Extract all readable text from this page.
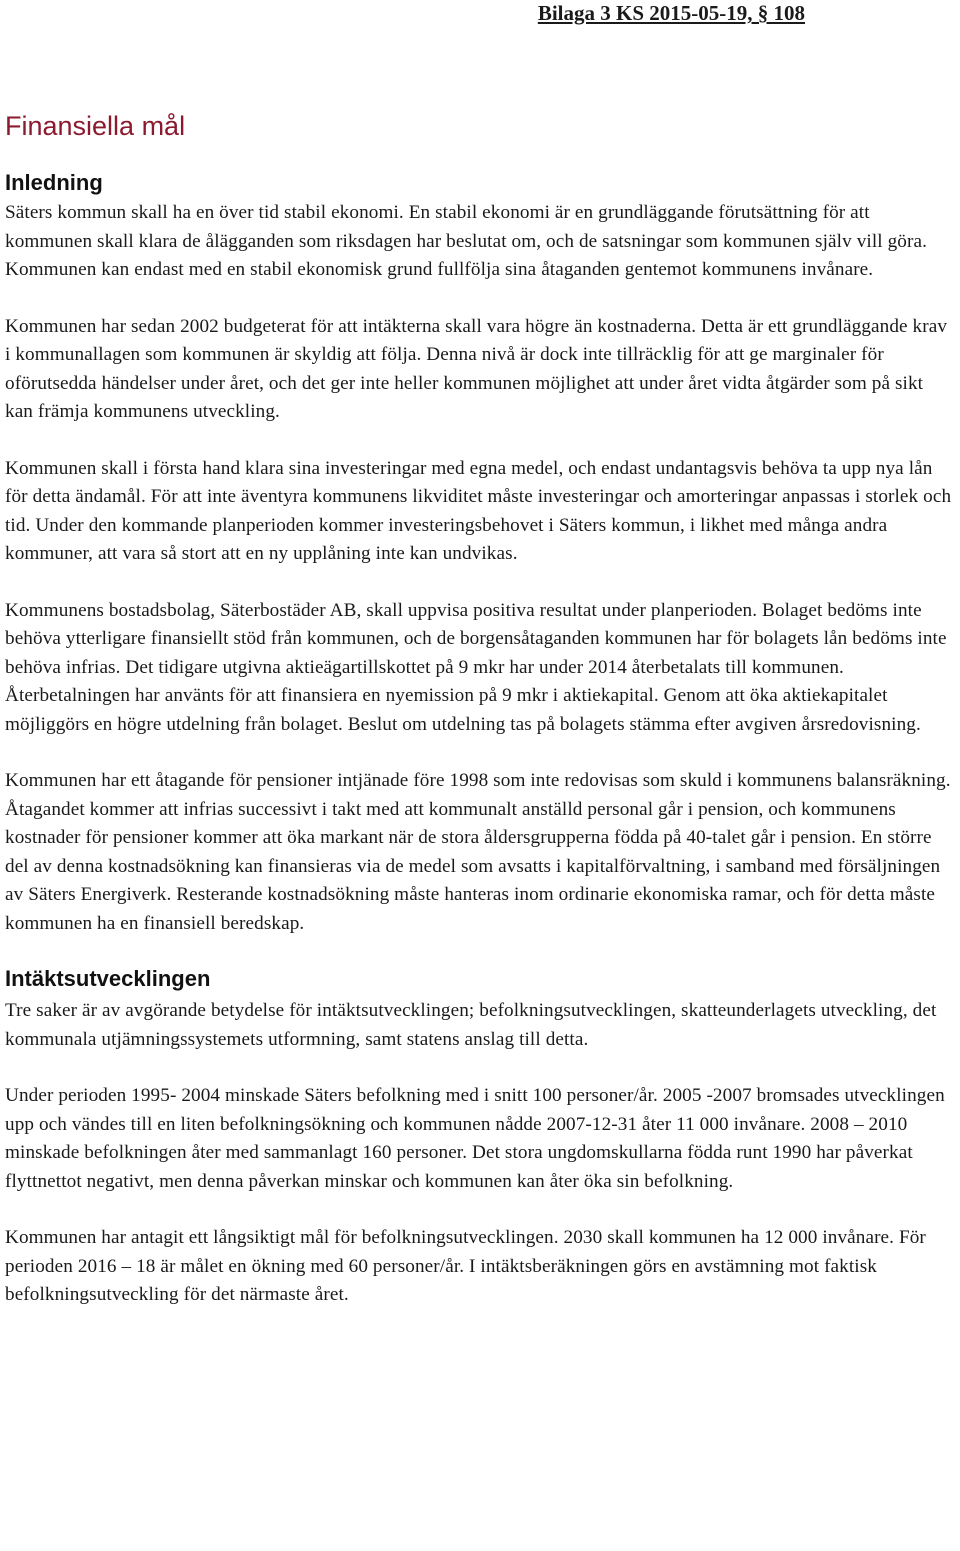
Bilaga 3 KS 2015-05-19, § 108
Finansiella mål
Inledning

Säters kommun skall ha en över tid stabil ekonomi. En stabil ekonomi är en grundläggande förutsättning för att kommunen skall klara de ålägganden som riksdagen har beslutat om, och de satsningar som kommunen själv vill göra. Kommunen kan endast med en stabil ekonomisk grund fullfölja sina åtaganden gentemot kommunens invånare.

Kommunen har sedan 2002 budgeterat för att intäkterna skall vara högre än kostnaderna. Detta är ett grundläggande krav i kommunallagen som kommunen är skyldig att följa. Denna nivå är dock inte tillräcklig för att ge marginaler för oförutsedda händelser under året, och det ger inte heller kommunen möjlighet att under året vidta åtgärder som på sikt kan främja kommunens utveckling.

Kommunen skall i första hand klara sina investeringar med egna medel, och endast undantagsvis behöva ta upp nya lån för detta ändamål. För att inte äventyra kommunens likviditet måste investeringar och amorteringar anpassas i storlek och tid. Under den kommande planperioden kommer investeringsbehovet i Säters kommun, i likhet med många andra kommuner, att vara så stort att en ny upplåning inte kan undvikas.

Kommunens bostadsbolag, Säterbostäder AB, skall uppvisa positiva resultat under planperioden. Bolaget bedöms inte behöva ytterligare finansiellt stöd från kommunen, och de borgensåtaganden kommunen har för bolagets lån bedöms inte behöva infrias. Det tidigare utgivna aktieägartillskottet på 9 mkr har under 2014 återbetalats till kommunen. Återbetalningen har använts för att finansiera en nyemission på 9 mkr i aktiekapital. Genom att öka aktiekapitalet möjliggörs en högre utdelning från bolaget. Beslut om utdelning tas på bolagets stämma efter avgiven årsredovisning.

Kommunen har ett åtagande för pensioner intjänade före 1998 som inte redovisas som skuld i kommunens balansräkning. Åtagandet kommer att infrias successivt i takt med att kommunalt anställd personal går i pension, och kommunens kostnader för pensioner kommer att öka markant när de stora åldersgrupperna födda på 40-talet går i pension. En större del av denna kostnadsökning kan finansieras via de medel som avsatts i kapitalförvaltning, i samband med försäljningen av Säters Energiverk. Resterande kostnadsökning måste hanteras inom ordinarie ekonomiska ramar, och för detta måste kommunen ha en finansiell beredskap.

Intäktsutvecklingen

Tre saker är av avgörande betydelse för intäktsutvecklingen; befolkningsutvecklingen, skatteunderlagets utveckling, det kommunala utjämningssystemets utformning, samt statens anslag till detta.

Under perioden 1995- 2004 minskade Säters befolkning med i snitt 100 personer/år. 2005 -2007 bromsades utvecklingen upp och vändes till en liten befolkningsökning och kommunen nådde 2007-12-31 åter 11 000 invånare. 2008 – 2010 minskade befolkningen åter med sammanlagt 160 personer. Det stora ungdomskullarna födda runt 1990 har påverkat flyttnettot negativt, men denna påverkan minskar och kommunen kan åter öka sin befolkning.

Kommunen har antagit ett långsiktigt mål för befolkningsutvecklingen. 2030 skall kommunen ha 12 000 invånare. För perioden 2016 – 18 är målet en ökning med 60 personer/år. I intäktsberäkningen görs en avstämning mot faktisk befolkningsutveckling för det närmaste året.
